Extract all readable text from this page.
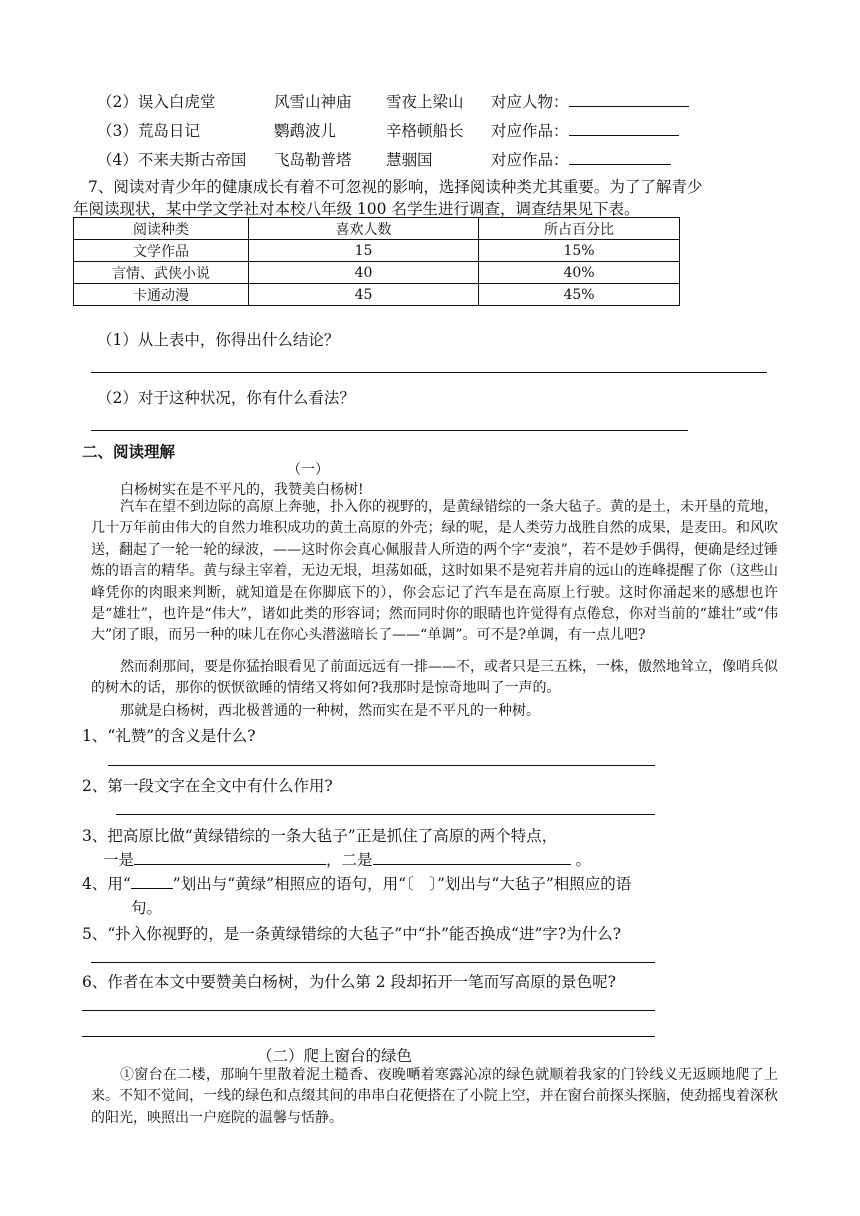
（2）误入白虎堂	风雪山神庙 雪夜上梁山 对应人物：
（3）荒岛日记	鹦鹉波儿	辛格顿船长 对应作品：
（4）不来夫斯古帝国 飞岛勒普塔 慧骃国	对应作品：
7、阅读对青少年的健康成长有着不可忽视的影响，选择阅读种类尤其重要。为了了解青少
年阅读现状，某中学文学社对本校八年级 100 名学生进行调查，调查结果见下表。
阅读种类	喜欢人数	所占百分比
文学作品	15	15%
言情、武侠小说	40	40%
卡通动漫	45	45%
（1）从上表中，你得出什么结论？
（2）对于这种状况，你有什么看法？
二、阅读理解
（一）
白杨树实在是不平凡的，我赞美白杨树!
汽车在望不到边际的高原上奔驰，扑入你的视野的，是黄绿错综的一条大毡子。黄的是土，未开垦的荒地，几十万年前由伟大的自然力堆积成功的黄土高原的外壳；绿的呢，是人类劳力战胜自然的成果，是麦田。和风吹送，翻起了一轮一轮的绿波，——这时你会真心佩服昔人所造的两个字“麦浪”，若不是妙手偶得，便确是经过锤炼的语言的精华。黄与绿主宰着，无边无垠，坦荡如砥，这时如果不是宛若并肩的远山的连峰提醒了你（这些山峰凭你的肉眼来判断，就知道是在你脚底下的），你会忘记了汽车是在高原上行驶。这时你涌起来的感想也许是“雄壮”，也许是“伟大”，诸如此类的形容词；然而同时你的眼睛也许觉得有点倦怠，你对当前的“雄壮”或“伟大”闭了眼，而另一种的味儿在你心头潜滋暗长了——“单调”。可不是?单调，有一点儿吧?
然而刹那间，要是你猛抬眼看见了前面远远有一排——不，或者只是三五株，一株，傲然地耸立，像哨兵似的树木的话，那你的恹恹欲睡的情绪又将如何?我那时是惊奇地叫了一声的。
那就是白杨树，西北极普通的一种树，然而实在是不平凡的一种树。
1、“礼赞”的含义是什么?
2、第一段文字在全文中有什么作用?
3、把高原比做“黄绿错综的一条大毡子”正是抓住了高原的两个特点，
一是	，二是	。
4、用“	”划出与“黄绿”相照应的语句，用“〔　〕”划出与“大毡子”相照应的语
句。
5、“扑入你视野的，是一条黄绿错综的大毡子”中“扑”能否换成“进”字?为什么?
6、作者在本文中要赞美白杨树，为什么第 2 段却拓开一笔而写高原的景色呢?
（二）爬上窗台的绿色
①窗台在二楼，那晌午里散着泥土糙香、夜晚嗮着寒露沁凉的绿色就顺着我家的门铃线义无返顾地爬了上来。不知不觉间，一线的绿色和点缀其间的串串白花便搭在了小院上空，并在窗台前探头探脑，使劲摇曳着深秋的阳光，映照出一户庭院的温馨与恬静。
